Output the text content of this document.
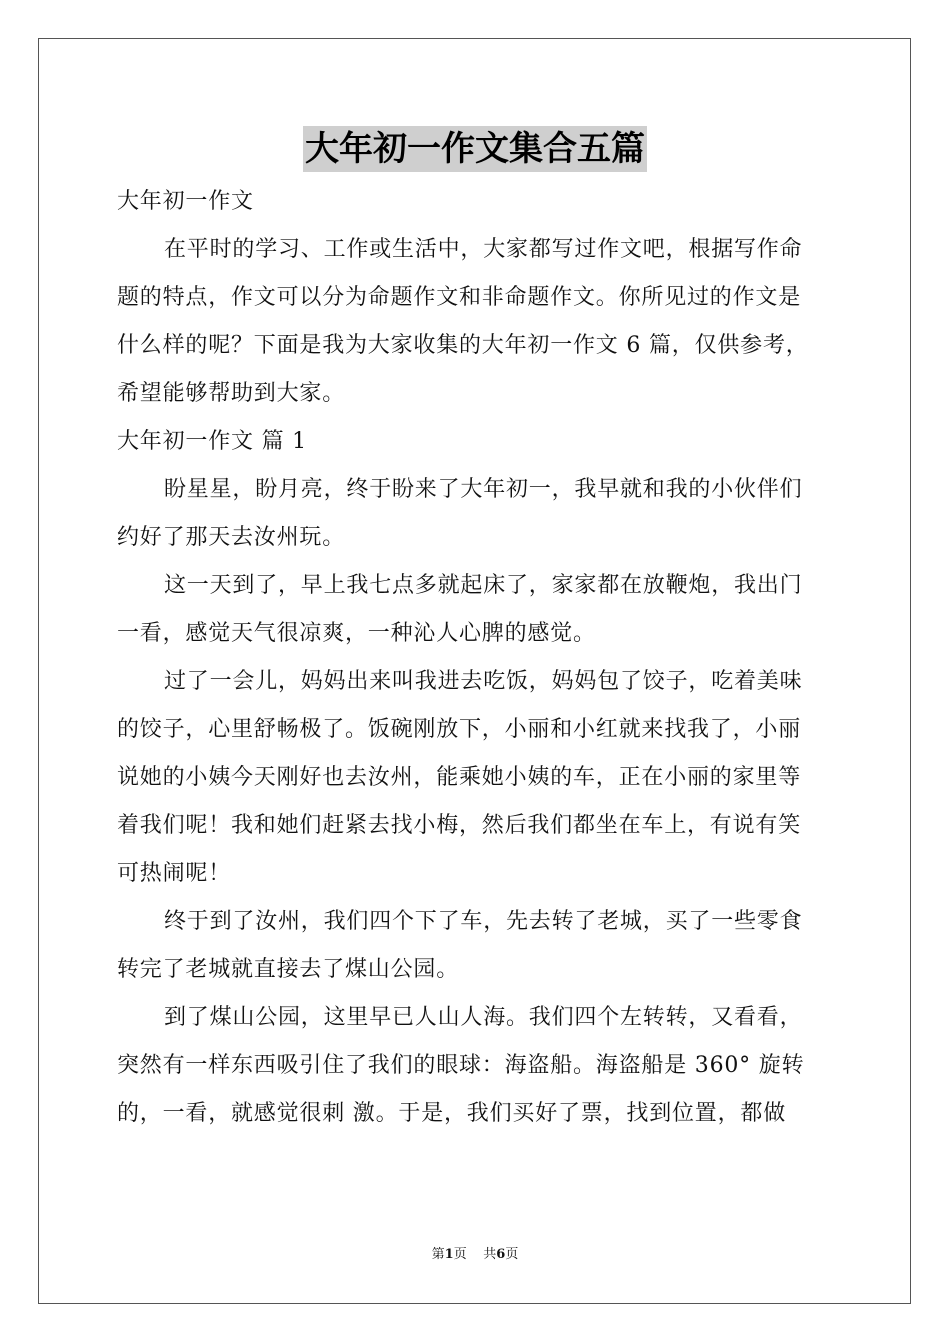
大年初一作文集合五篇
大年初一作文
在平时的学习、工作或生活中，大家都写过作文吧，根据写作命
题的特点，作文可以分为命题作文和非命题作文。你所见过的作文是
什么样的呢？下面是我为大家收集的大年初一作文 6 篇，仅供参考，
希望能够帮助到大家。
大年初一作文 篇 1
盼星星，盼月亮，终于盼来了大年初一，我早就和我的小伙伴们
约好了那天去汝州玩。
这一天到了，早上我七点多就起床了，家家都在放鞭炮，我出门
一看，感觉天气很凉爽，一种沁人心脾的感觉。
过了一会儿，妈妈出来叫我进去吃饭，妈妈包了饺子，吃着美味
的饺子，心里舒畅极了。饭碗刚放下，小丽和小红就来找我了，小丽
说她的小姨今天刚好也去汝州，能乘她小姨的车，正在小丽的家里等
着我们呢！我和她们赶紧去找小梅，然后我们都坐在车上，有说有笑
可热闹呢！
终于到了汝州，我们四个下了车，先去转了老城，买了一些零食
转完了老城就直接去了煤山公园。
到了煤山公园，这里早已人山人海。我们四个左转转，又看看，
突然有一样东西吸引住了我们的眼球：海盗船。海盗船是 360° 旋转
的，一看，就感觉很刺 激。于是，我们买好了票，找到位置，都做
第1页 共6页
